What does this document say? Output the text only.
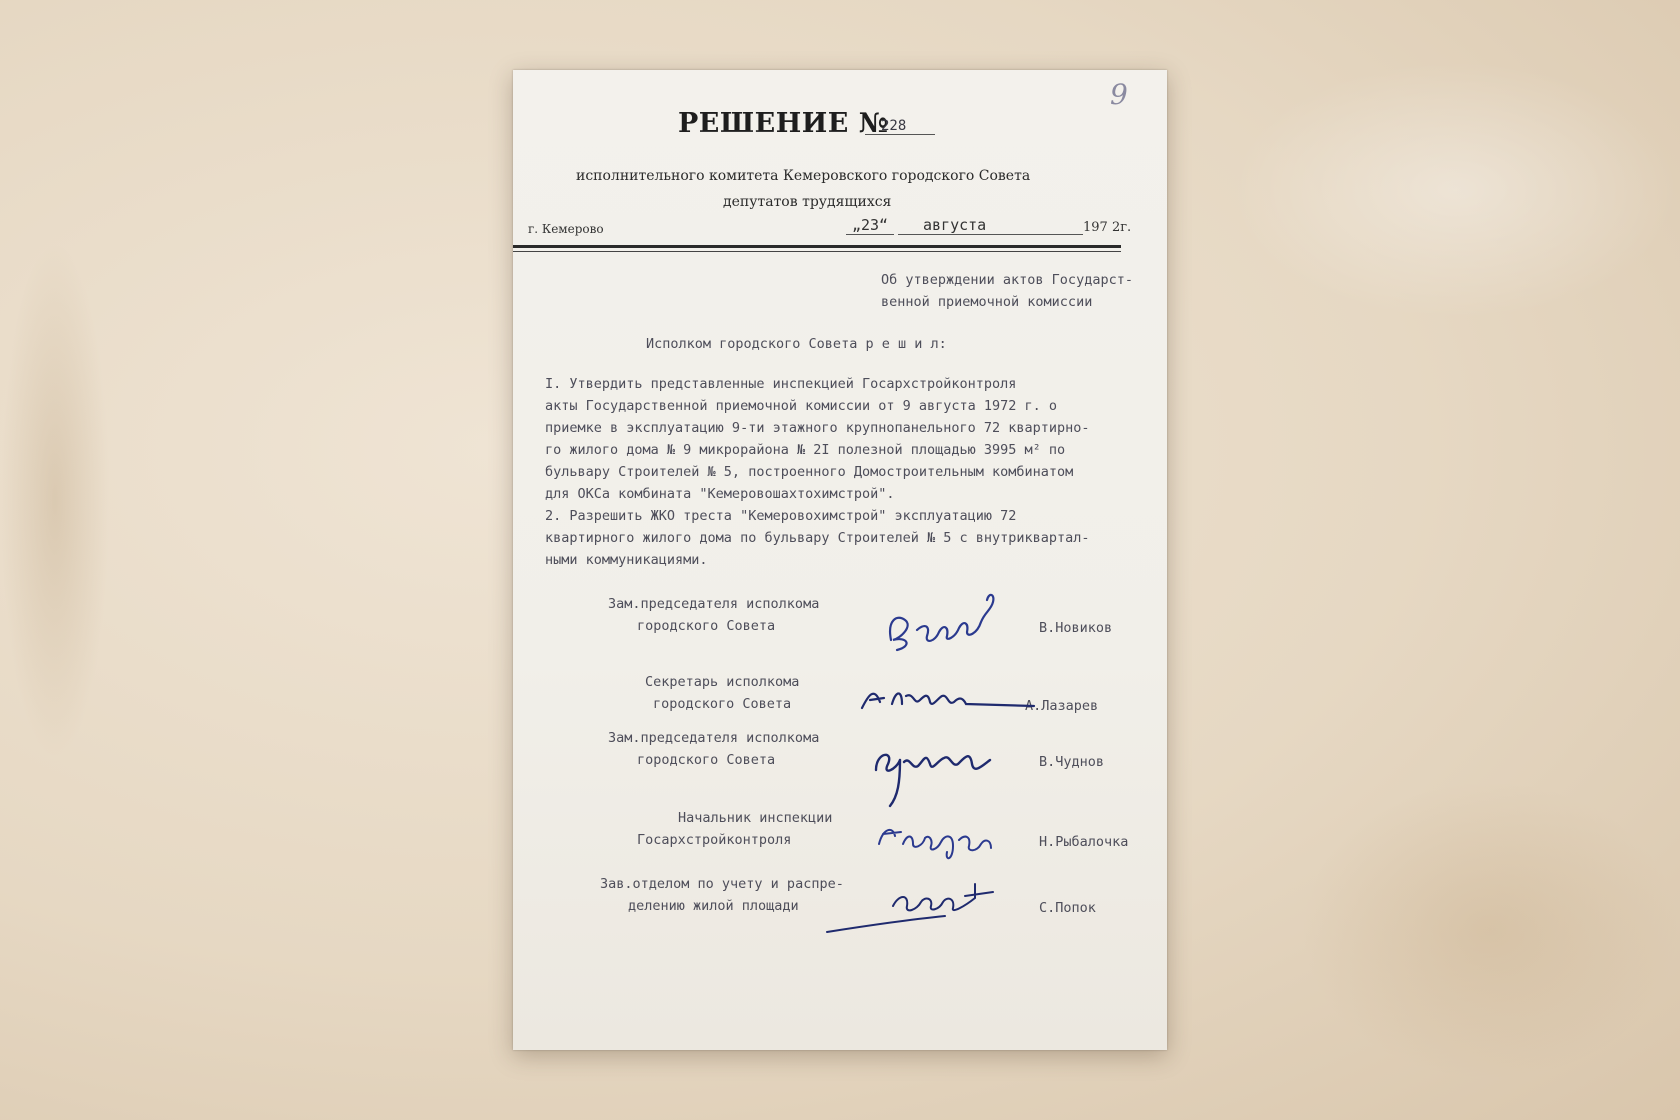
9
РЕШЕНИЕ №
228
исполнительного комитета Кемеровского городского Совета
депутатов трудящихся
г. Кемерово	„23“	августа	197 2г.
Об утверждении актов Государст-
венной приемочной комиссии
Исполком городского Совета р е ш и л:
I. Утвердить представленные инспекцией Госархстройконтроля
акты Государственной приемочной комиссии от 9 августа 1972 г. о
приемке в эксплуатацию 9-ти этажного крупнопанельного 72 квартирно-
го жилого дома № 9 микрорайона № 2I полезной площадью 3995 м² по
бульвару Строителей № 5, построенного Домостроительным комбинатом
для ОКСа комбината "Кемеровошахтохимстрой".
2. Разрешить ЖКО треста "Кемеровохимстрой" эксплуатацию 72
квартирного жилого дома по бульвару Строителей № 5 с внутриквартал-
ными коммуникациями.
Зам.председателя исполкома
городского Совета	В.Новиков
Секретарь исполкома
городского Совета	А.Лазарев
Зам.председателя исполкома
городского Совета	В.Чуднов
Начальник инспекции
Госархстройконтроля	Н.Рыбалочка
Зав.отделом по учету и распре-
делению жилой площади	С.Попок
